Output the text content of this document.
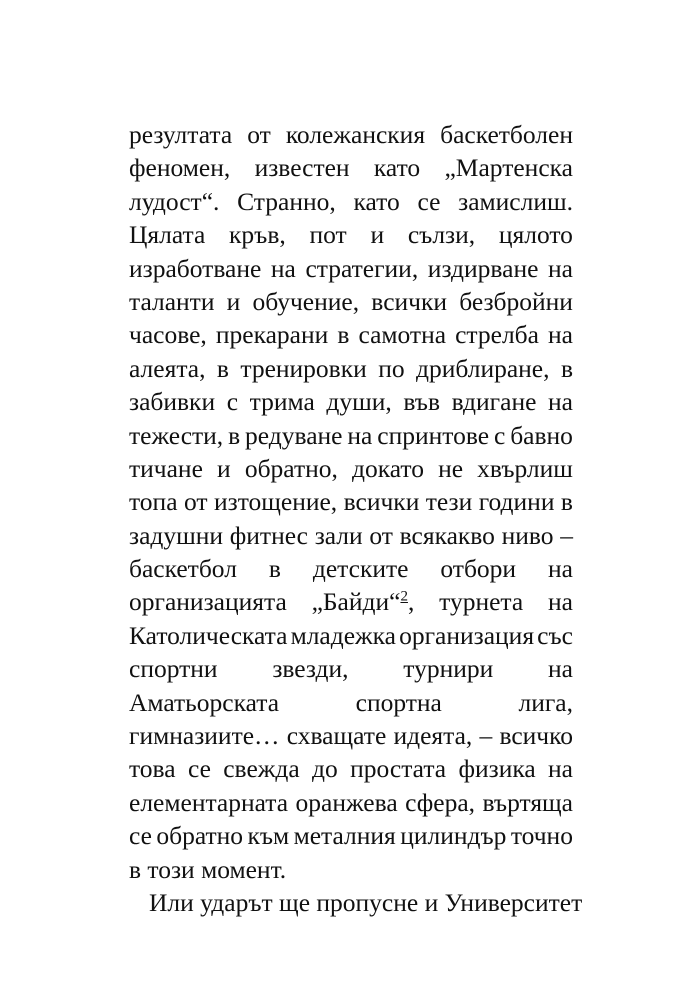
резултата от колежанския баскетболен
феномен, известен като „Мартенска
лудост“. Странно, като се замислиш.
Цялата кръв, пот и сълзи, цялото
изработване на стратегии, издирване на
таланти и обучение, всички безбройни
часове, прекарани в самотна стрелба на
алеята, в тренировки по дриблиране, в
забивки с трима души, във вдигане на
тежести, в редуване на спринтове с бавно
тичане и обратно, докато не хвърлиш
топа от изтощение, всички тези години в
задушни фитнес зали от всякакво ниво –
баскетбол в детските отбори на
организацията „Байди“$^2$, турнета на
Католическата младежка организация със
спортни звезди, турнири на
Аматьорската	спортна	лига,
гимназиите… схващате идеята, – всичко
това се свежда до простата физика на
елементарната оранжева сфера, въртяща
се обратно към металния цилиндър точно
в този момент.
Или ударът ще пропусне и Университет
